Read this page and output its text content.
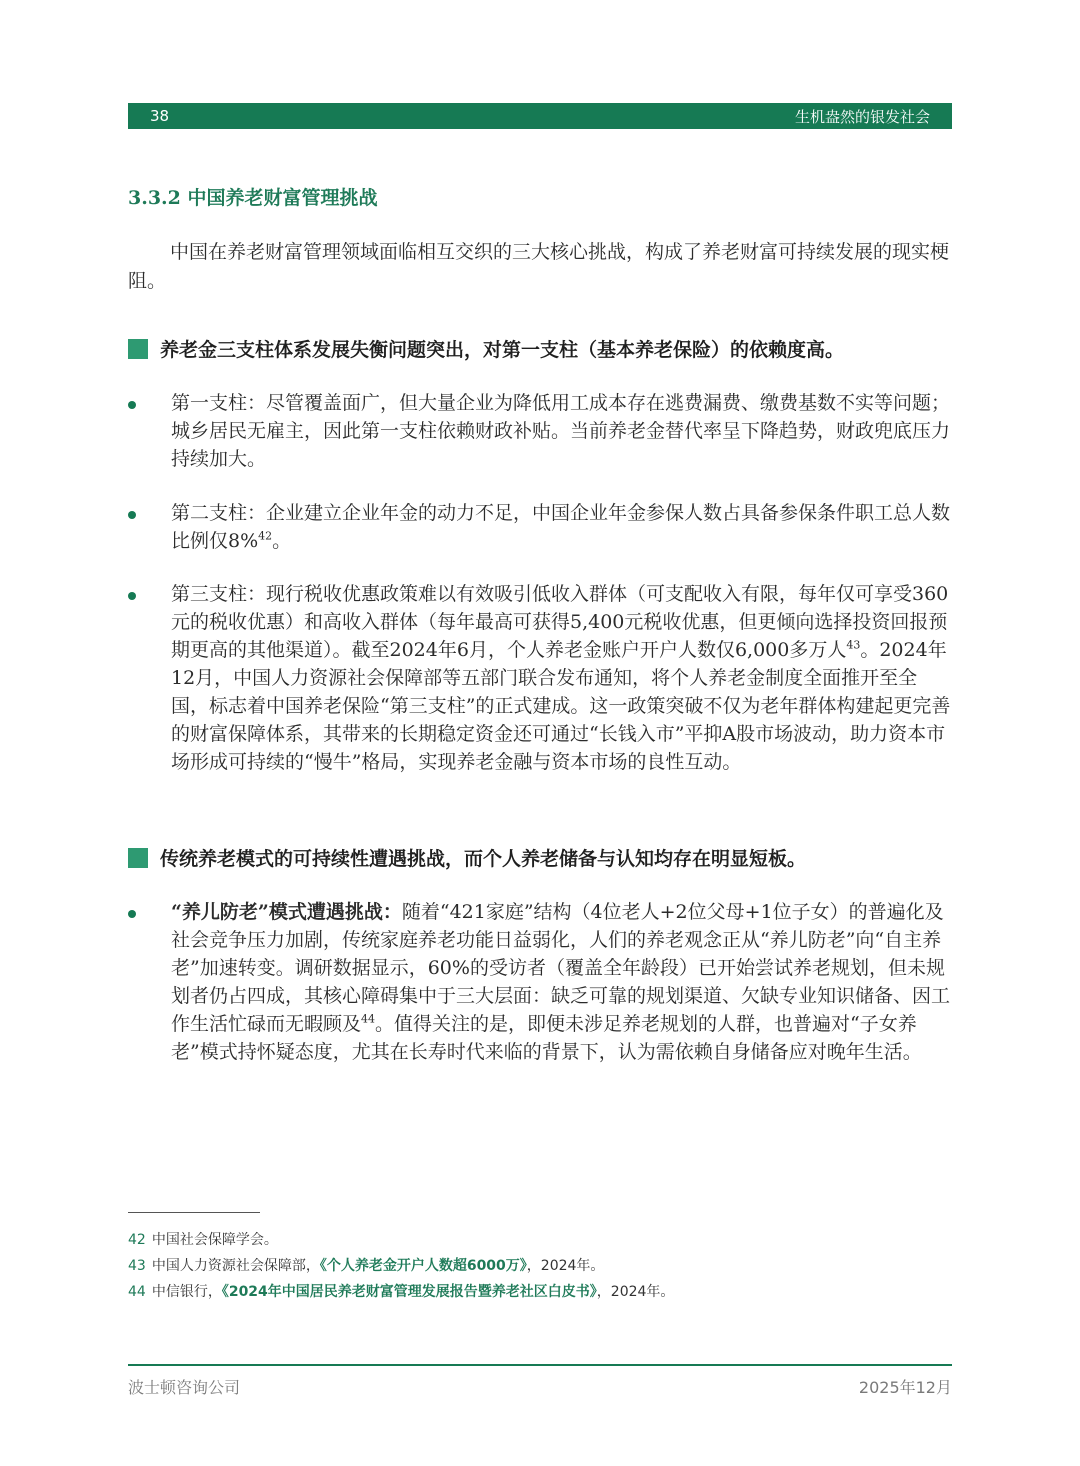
38	生机盎然的银发社会
3.3.2 中国养老财富管理挑战

中国在养老财富管理领域面临相互交织的三大核心挑战，构成了养老财富可持续发展的现实梗阻。

养老金三支柱体系发展失衡问题突出，对第一支柱（基本养老保险）的依赖度高。

第一支柱：尽管覆盖面广，但大量企业为降低用工成本存在逃费漏费、缴费基数不实等问题；城乡居民无雇主，因此第一支柱依赖财政补贴。当前养老金替代率呈下降趋势，财政兜底压力持续加大。

第二支柱：企业建立企业年金的动力不足，中国企业年金参保人数占具备参保条件职工总人数比例仅8%$^{42}$。

第三支柱：现行税收优惠政策难以有效吸引低收入群体（可支配收入有限，每年仅可享受360元的税收优惠）和高收入群体（每年最高可获得5,400元税收优惠，但更倾向选择投资回报预期更高的其他渠道）。截至2024年6月，个人养老金账户开户人数仅6,000多万人$^{43}$。2024年12月，中国人力资源社会保障部等五部门联合发布通知，将个人养老金制度全面推开至全国，标志着中国养老保险“第三支柱”的正式建成。这一政策突破不仅为老年群体构建起更完善的财富保障体系，其带来的长期稳定资金还可通过“长钱入市”平抑A股市场波动，助力资本市场形成可持续的“慢牛”格局，实现养老金融与资本市场的良性互动。

传统养老模式的可持续性遭遇挑战，而个人养老储备与认知均存在明显短板。

“养儿防老”模式遭遇挑战：随着“421家庭”结构（4位老人+2位父母+1位子女）的普遍化及社会竞争压力加剧，传统家庭养老功能日益弱化，人们的养老观念正从“养儿防老”向“自主养老”加速转变。调研数据显示，60%的受访者（覆盖全年龄段）已开始尝试养老规划，但未规划者仍占四成，其核心障碍集中于三大层面：缺乏可靠的规划渠道、欠缺专业知识储备、因工作生活忙碌而无暇顾及$^{44}$。值得关注的是，即便未涉足养老规划的人群，也普遍对“子女养老”模式持怀疑态度，尤其在长寿时代来临的背景下，认为需依赖自身储备应对晚年生活。

42 中国社会保障学会。
43 中国人力资源社会保障部，《个人养老金开户人数超6000万》，2024年。
44 中信银行，《2024年中国居民养老财富管理发展报告暨养老社区白皮书》，2024年。
波士顿咨询公司	2025年12月
